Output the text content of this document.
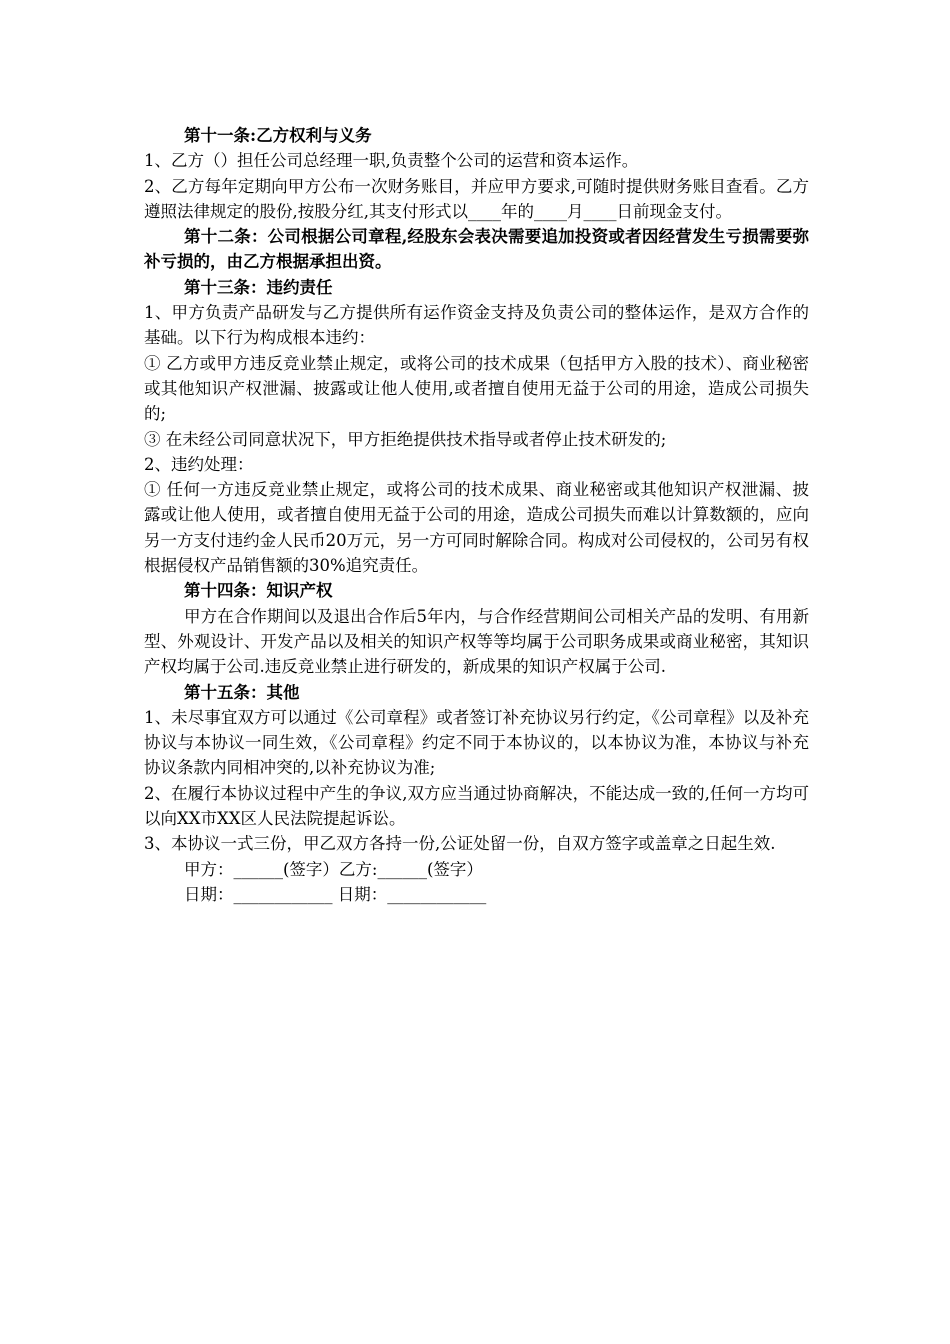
第十一条:乙方权利与义务

1、乙方（）担任公司总经理一职,负责整个公司的运营和资本运作。

2、乙方每年定期向甲方公布一次财务账目，并应甲方要求,可随时提供财务账目查看。乙方遵照法律规定的股份,按股分红,其支付形式以____年的____月____日前现金支付。

第十二条：公司根据公司章程,经股东会表决需要追加投资或者因经营发生亏损需要弥补亏损的，由乙方根据承担出资。

第十三条：违约责任

1、甲方负责产品研发与乙方提供所有运作资金支持及负责公司的整体运作，是双方合作的基础。以下行为构成根本违约：

① 乙方或甲方违反竞业禁止规定，或将公司的技术成果（包括甲方入股的技术）、商业秘密或其他知识产权泄漏、披露或让他人使用,或者擅自使用无益于公司的用途，造成公司损失的;

③ 在未经公司同意状况下，甲方拒绝提供技术指导或者停止技术研发的;

2、违约处理：

① 任何一方违反竞业禁止规定，或将公司的技术成果、商业秘密或其他知识产权泄漏、披露或让他人使用，或者擅自使用无益于公司的用途，造成公司损失而难以计算数额的，应向另一方支付违约金人民币20万元，另一方可同时解除合同。构成对公司侵权的，公司另有权根据侵权产品销售额的30%追究责任。

第十四条：知识产权

甲方在合作期间以及退出合作后5年内，与合作经营期间公司相关产品的发明、有用新型、外观设计、开发产品以及相关的知识产权等等均属于公司职务成果或商业秘密，其知识产权均属于公司.违反竞业禁止进行研发的，新成果的知识产权属于公司.

第十五条：其他

1、未尽事宜双方可以通过《公司章程》或者签订补充协议另行约定，《公司章程》以及补充协议与本协议一同生效，《公司章程》约定不同于本协议的，以本协议为准，本协议与补充协议条款内同相冲突的,以补充协议为准;

2、在履行本协议过程中产生的争议,双方应当通过协商解决，不能达成一致的,任何一方均可以向XX市XX区人民法院提起诉讼。

3、本协议一式三份，甲乙双方各持一份,公证处留一份，自双方签字或盖章之日起生效.

甲方：______(签字）乙方:______(签字）

日期：____________ 日期：____________
